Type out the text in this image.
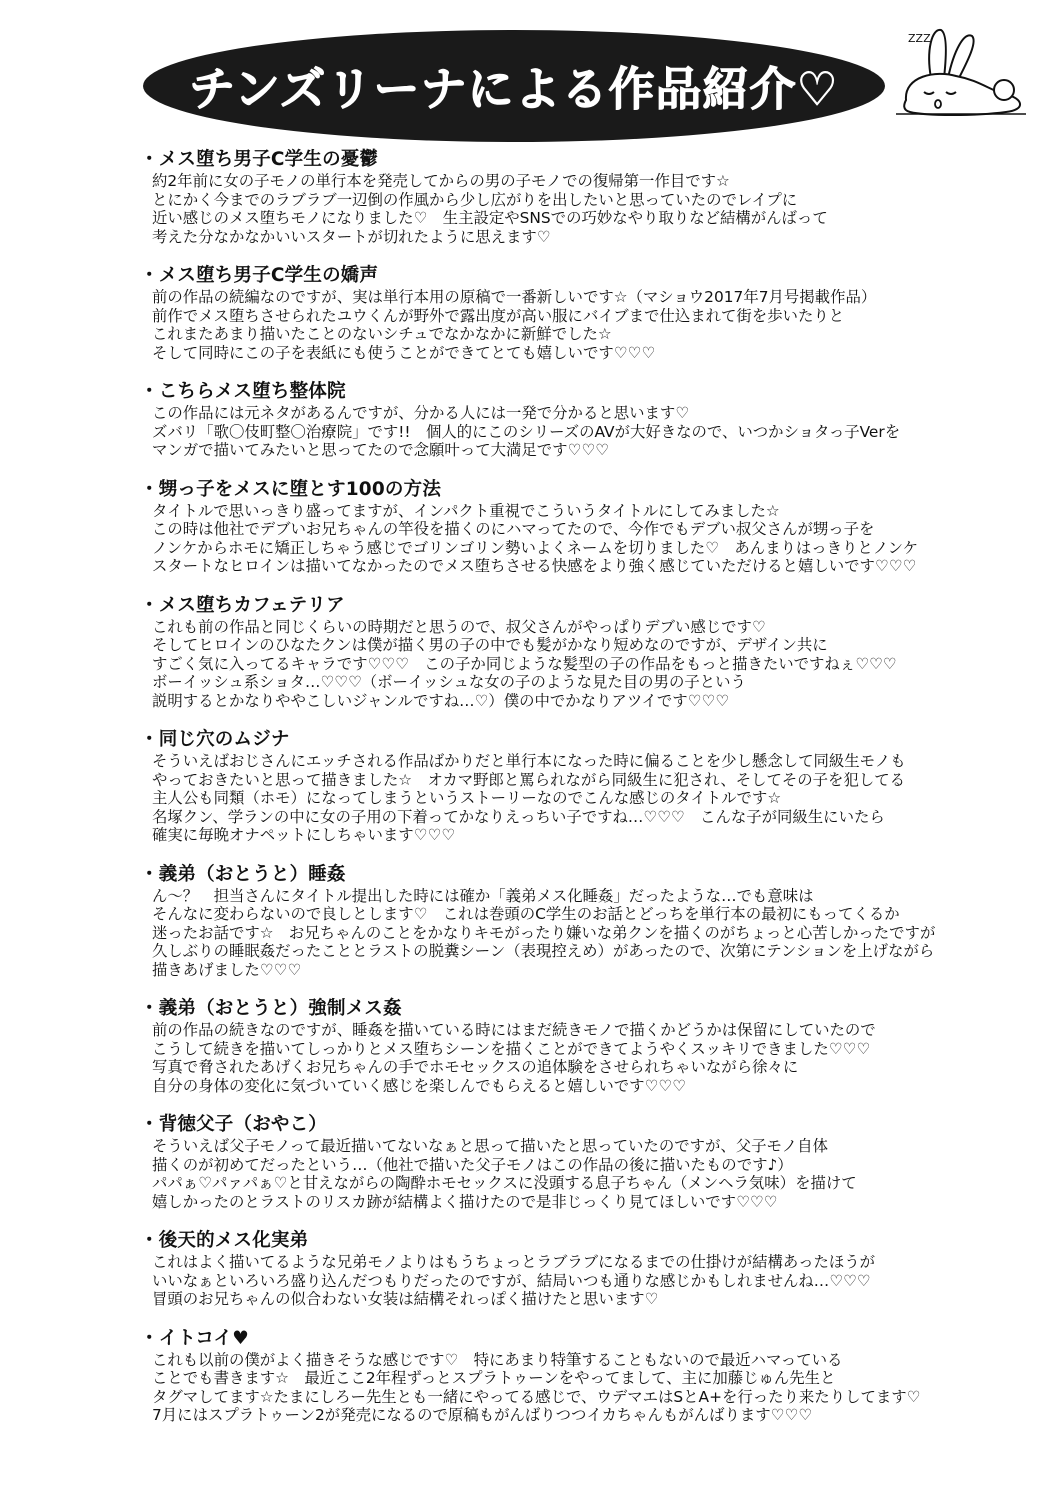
チンズリーナによる作品紹介♡
ZZZ
・ メス堕ち男子C学生の憂鬱
約2年前に女の子モノの単行本を発売してからの男の子モノでの復帰第一作目です☆
とにかく今までのラブラブ一辺倒の作風から少し広がりを出したいと思っていたのでレイプに
近い感じのメス堕ちモノになりました♡　生主設定やSNSでの巧妙なやり取りなど結構がんばって
考えた分なかなかいいスタートが切れたように思えます♡
・ メス堕ち男子C学生の嬌声
前の作品の続編なのですが、実は単行本用の原稿で一番新しいです☆（マショウ2017年7月号掲載作品）
前作でメス堕ちさせられたユウくんが野外で露出度が高い服にバイブまで仕込まれて街を歩いたりと
これまたあまり描いたことのないシチュでなかなかに新鮮でした☆
そして同時にこの子を表紙にも使うことができてとても嬉しいです♡♡♡
・ こちらメス堕ち整体院
この作品には元ネタがあるんですが、分かる人には一発で分かると思います♡
ズバリ「歌〇伎町整〇治療院」です!!　個人的にこのシリーズのAVが大好きなので、いつかショタっ子Verを
マンガで描いてみたいと思ってたので念願叶って大満足です♡♡♡
・ 甥っ子をメスに堕とす100の方法
タイトルで思いっきり盛ってますが、インパクト重視でこういうタイトルにしてみました☆
この時は他社でデブいお兄ちゃんの竿役を描くのにハマってたので、今作でもデブい叔父さんが甥っ子を
ノンケからホモに矯正しちゃう感じでゴリンゴリン勢いよくネームを切りました♡　あんまりはっきりとノンケ
スタートなヒロインは描いてなかったのでメス堕ちさせる快感をより強く感じていただけると嬉しいです♡♡♡
・ メス堕ちカフェテリア
これも前の作品と同じくらいの時期だと思うので、叔父さんがやっぱりデブい感じです♡
そしてヒロインのひなたクンは僕が描く男の子の中でも髪がかなり短めなのですが、デザイン共に
すごく気に入ってるキャラです♡♡♡　この子か同じような髪型の子の作品をもっと描きたいですねぇ♡♡♡
ボーイッシュ系ショタ…♡♡♡（ボーイッシュな女の子のような見た目の男の子という
説明するとかなりややこしいジャンルですね…♡）僕の中でかなりアツイです♡♡♡
・ 同じ穴のムジナ
そういえばおじさんにエッチされる作品ばかりだと単行本になった時に偏ることを少し懸念して同級生モノも
やっておきたいと思って描きました☆　オカマ野郎と罵られながら同級生に犯され、そしてその子を犯してる
主人公も同類（ホモ）になってしまうというストーリーなのでこんな感じのタイトルです☆
名塚クン、学ランの中に女の子用の下着ってかなりえっちい子ですね…♡♡♡　こんな子が同級生にいたら
確実に毎晩オナペットにしちゃいます♡♡♡
・ 義弟（おとうと）睡姦
ん〜？　担当さんにタイトル提出した時には確か「義弟メス化睡姦」だったような…でも意味は
そんなに変わらないので良しとします♡　これは巻頭のC学生のお話とどっちを単行本の最初にもってくるか
迷ったお話です☆　お兄ちゃんのことをかなりキモがったり嫌いな弟クンを描くのがちょっと心苦しかったですが
久しぶりの睡眠姦だったこととラストの脱糞シーン（表現控えめ）があったので、次第にテンションを上げながら
描きあげました♡♡♡
・ 義弟（おとうと）強制メス姦
前の作品の続きなのですが、睡姦を描いている時にはまだ続きモノで描くかどうかは保留にしていたので
こうして続きを描いてしっかりとメス堕ちシーンを描くことができてようやくスッキリできました♡♡♡
写真で脅されたあげくお兄ちゃんの手でホモセックスの追体験をさせられちゃいながら徐々に
自分の身体の変化に気づいていく感じを楽しんでもらえると嬉しいです♡♡♡
・ 背徳父子（おやこ）
そういえば父子モノって最近描いてないなぁと思って描いたと思っていたのですが、父子モノ自体
描くのが初めてだったという…（他社で描いた父子モノはこの作品の後に描いたものです♪）
パパぁ♡パァパぁ♡と甘えながらの陶酔ホモセックスに没頭する息子ちゃん（メンヘラ気味）を描けて
嬉しかったのとラストのリスカ跡が結構よく描けたので是非じっくり見てほしいです♡♡♡
・ 後天的メス化実弟
これはよく描いてるような兄弟モノよりはもうちょっとラブラブになるまでの仕掛けが結構あったほうが
いいなぁといろいろ盛り込んだつもりだったのですが、結局いつも通りな感じかもしれませんね…♡♡♡
冒頭のお兄ちゃんの似合わない女装は結構それっぽく描けたと思います♡
・ イトコイ♥
これも以前の僕がよく描きそうな感じです♡　特にあまり特筆することもないので最近ハマっている
ことでも書きます☆　最近ここ2年程ずっとスプラトゥーンをやってまして、主に加藤じゅん先生と
タグマしてます☆たまにしろー先生とも一緒にやってる感じで、ウデマエはSとA+を行ったり来たりしてます♡
7月にはスプラトゥーン2が発売になるので原稿もがんばりつつイカちゃんもがんばります♡♡♡
